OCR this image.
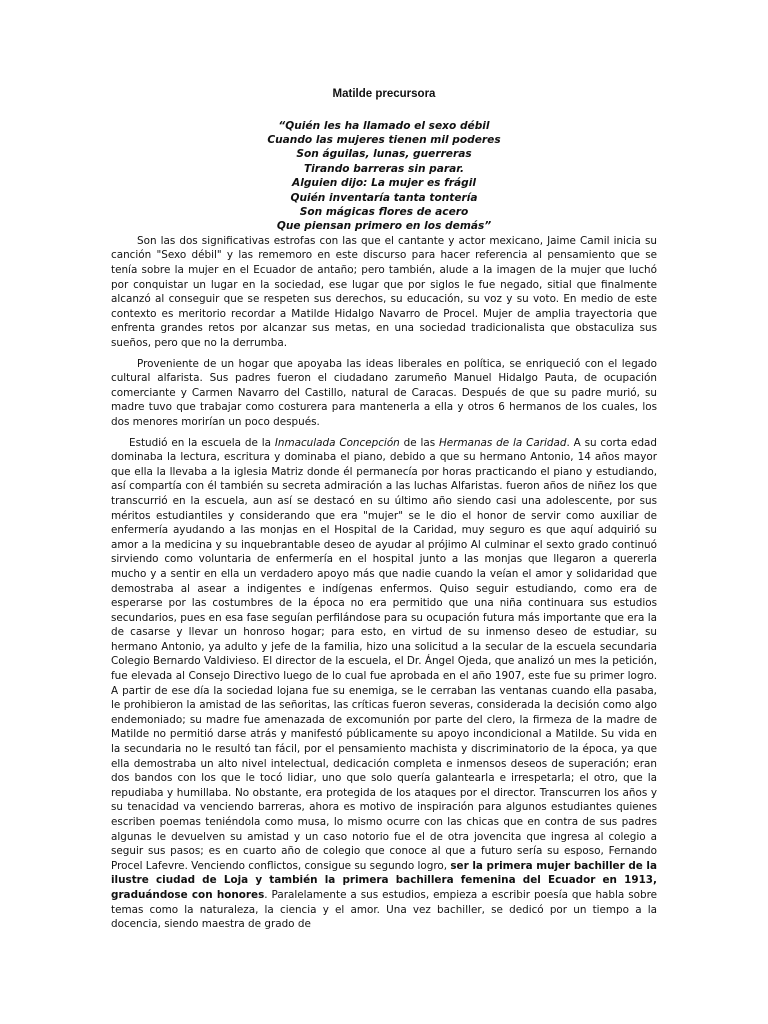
Matilde precursora
“Quién les ha llamado el sexo débil
Cuando las mujeres tienen mil poderes
Son águilas, lunas, guerreras
Tirando barreras sin parar.
Alguien dijo: La mujer es frágil
Quién inventaría tanta tontería
Son mágicas flores de acero
Que piensan primero en los demás”

Son las dos significativas estrofas con las que el cantante y actor mexicano, Jaime Camil inicia su canción "Sexo débil" y las rememoro en este discurso para hacer referencia al pensamiento que se tenía sobre la mujer en el Ecuador de antaño; pero también, alude a la imagen de la mujer que luchó por conquistar un lugar en la sociedad, ese lugar que por siglos le fue negado, sitial que finalmente alcanzó al conseguir que se respeten sus derechos, su educación, su voz y su voto. En medio de este contexto es meritorio recordar a Matilde Hidalgo Navarro de Procel. Mujer de amplia trayectoria que enfrenta grandes retos por alcanzar sus metas, en una sociedad tradicionalista que obstaculiza sus sueños, pero que no la derrumba.

Proveniente de un hogar que apoyaba las ideas liberales en política, se enriqueció con el legado cultural alfarista. Sus padres fueron el ciudadano zarumeño Manuel Hidalgo Pauta, de ocupación comerciante y Carmen Navarro del Castillo, natural de Caracas. Después de que su padre murió, su madre tuvo que trabajar como costurera para mantenerla a ella y otros 6 hermanos de los cuales, los dos menores morirían un poco después.

Estudió en la escuela de la Inmaculada Concepción de las Hermanas de la Caridad. A su corta edad dominaba la lectura, escritura y dominaba el piano, debido a que su hermano Antonio, 14 años mayor que ella la llevaba a la iglesia Matriz donde él permanecía por horas practicando el piano y estudiando, así compartía con él también su secreta admiración a las luchas Alfaristas. fueron años de niñez los que transcurrió en la escuela, aun así se destacó en su último año siendo casi una adolescente, por sus méritos estudiantiles y considerando que era "mujer" se le dio el honor de servir como auxiliar de enfermería ayudando a las monjas en el Hospital de la Caridad, muy seguro es que aquí adquirió su amor a la medicina y su inquebrantable deseo de ayudar al prójimo Al culminar el sexto grado continuó sirviendo como voluntaria de enfermería en el hospital junto a las monjas que llegaron a quererla mucho y a sentir en ella un verdadero apoyo más que nadie cuando la veían el amor y solidaridad que demostraba al asear a indigentes e indígenas enfermos. Quiso seguir estudiando, como era de esperarse por las costumbres de la época no era permitido que una niña continuara sus estudios secundarios, pues en esa fase seguían perfilándose para su ocupación futura más importante que era la de casarse y llevar un honroso hogar; para esto, en virtud de su inmenso deseo de estudiar, su hermano Antonio, ya adulto y jefe de la familia, hizo una solicitud a la secular de la escuela secundaria Colegio Bernardo Valdivieso. El director de la escuela, el Dr. Ángel Ojeda, que analizó un mes la petición, fue elevada al Consejo Directivo luego de lo cual fue aprobada en el año 1907, este fue su primer logro. A partir de ese día la sociedad lojana fue su enemiga, se le cerraban las ventanas cuando ella pasaba, le prohibieron la amistad de las señoritas, las críticas fueron severas, considerada la decisión como algo endemoniado; su madre fue amenazada de excomunión por parte del clero, la firmeza de la madre de Matilde no permitió darse atrás y manifestó públicamente su apoyo incondicional a Matilde. Su vida en la secundaria no le resultó tan fácil, por el pensamiento machista y discriminatorio de la época, ya que ella demostraba un alto nivel intelectual, dedicación completa e inmensos deseos de superación; eran dos bandos con los que le tocó lidiar, uno que solo quería galantearla e irrespetarla; el otro, que la repudiaba y humillaba. No obstante, era protegida de los ataques por el director. Transcurren los años y su tenacidad va venciendo barreras, ahora es motivo de inspiración para algunos estudiantes quienes escriben poemas teniéndola como musa, lo mismo ocurre con las chicas que en contra de sus padres algunas le devuelven su amistad y un caso notorio fue el de otra jovencita que ingresa al colegio a seguir sus pasos; es en cuarto año de colegio que conoce al que a futuro sería su esposo, Fernando Procel Lafevre. Venciendo conflictos, consigue su segundo logro, ser la primera mujer bachiller de la ilustre ciudad de Loja y también la primera bachillera femenina del Ecuador en 1913, graduándose con honores. Paralelamente a sus estudios, empieza a escribir poesía que habla sobre temas como la naturaleza, la ciencia y el amor. Una vez bachiller, se dedicó por un tiempo a la docencia, siendo maestra de grado de
